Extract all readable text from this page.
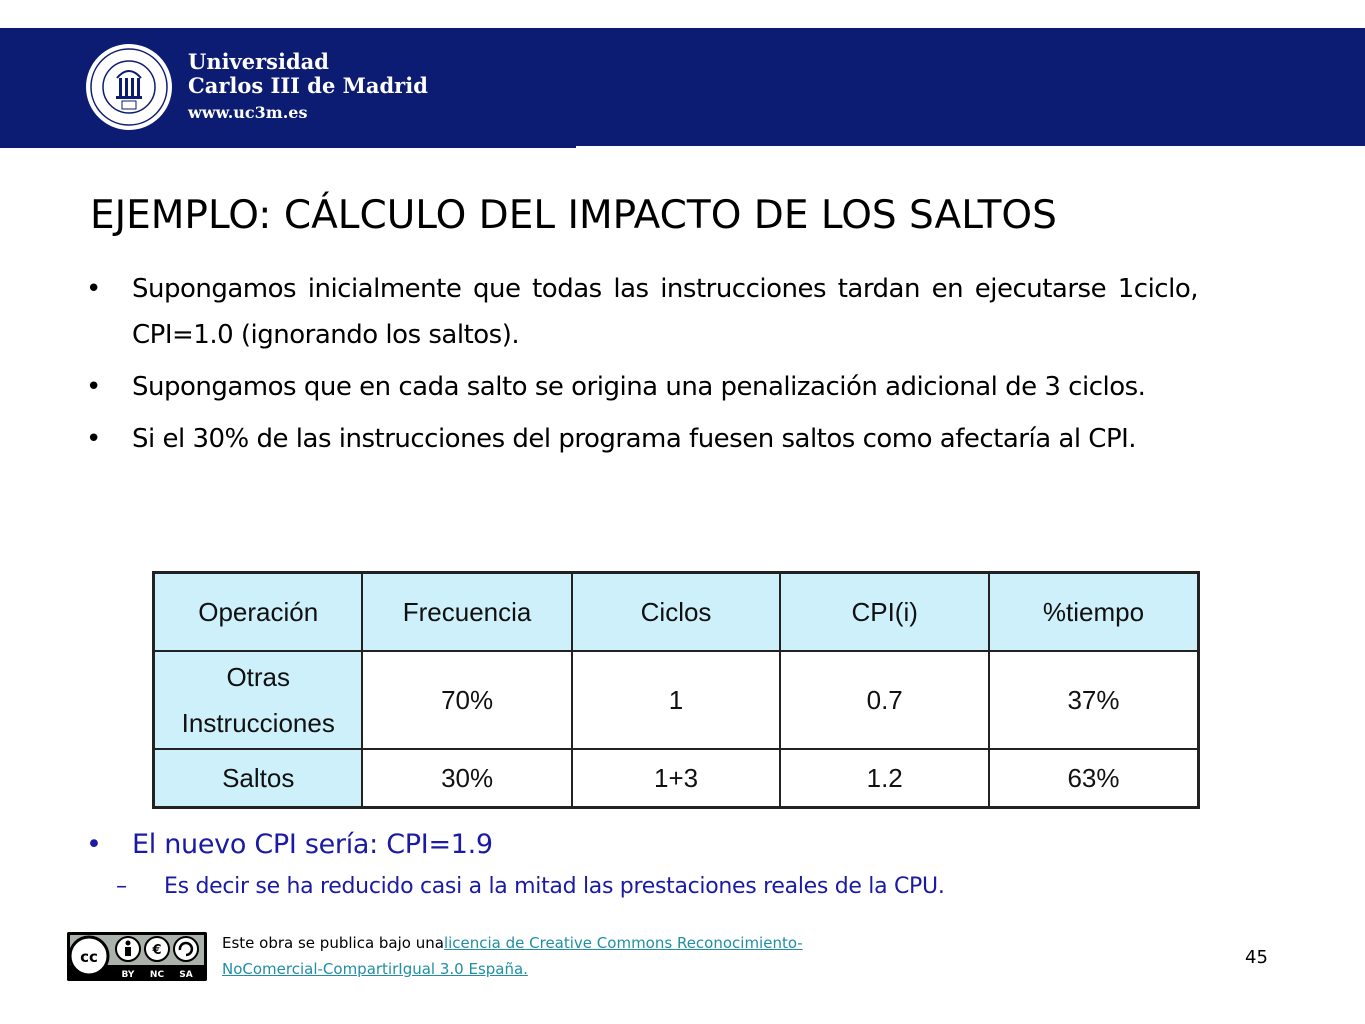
Universidad
Carlos III de Madrid
www.uc3m.es
EJEMPLO: CÁLCULO DEL IMPACTO DE LOS SALTOS
• Supongamos inicialmente que todas las instrucciones tardan en ejecutarse 1ciclo, CPI=1.0 (ignorando los saltos).
• Supongamos que en cada salto se origina una penalización adicional de 3 ciclos.
• Si el 30% de las instrucciones del programa fuesen saltos como afectaría al CPI.
Operación	Frecuencia	Ciclos	CPI(i)	%tiempo
Otras Instrucciones	70%	1	0.7	37%
Saltos	30%	1+3	1.2	63%
• El nuevo CPI sería: CPI=1.9
– Es decir se ha reducido casi a la mitad las prestaciones reales de la CPU.
cc	€
BY NC SA
Este obra se publica bajo unalicencia de Creative Commons Reconocimiento-
NoComercial-CompartirIgual 3.0 España.
45
